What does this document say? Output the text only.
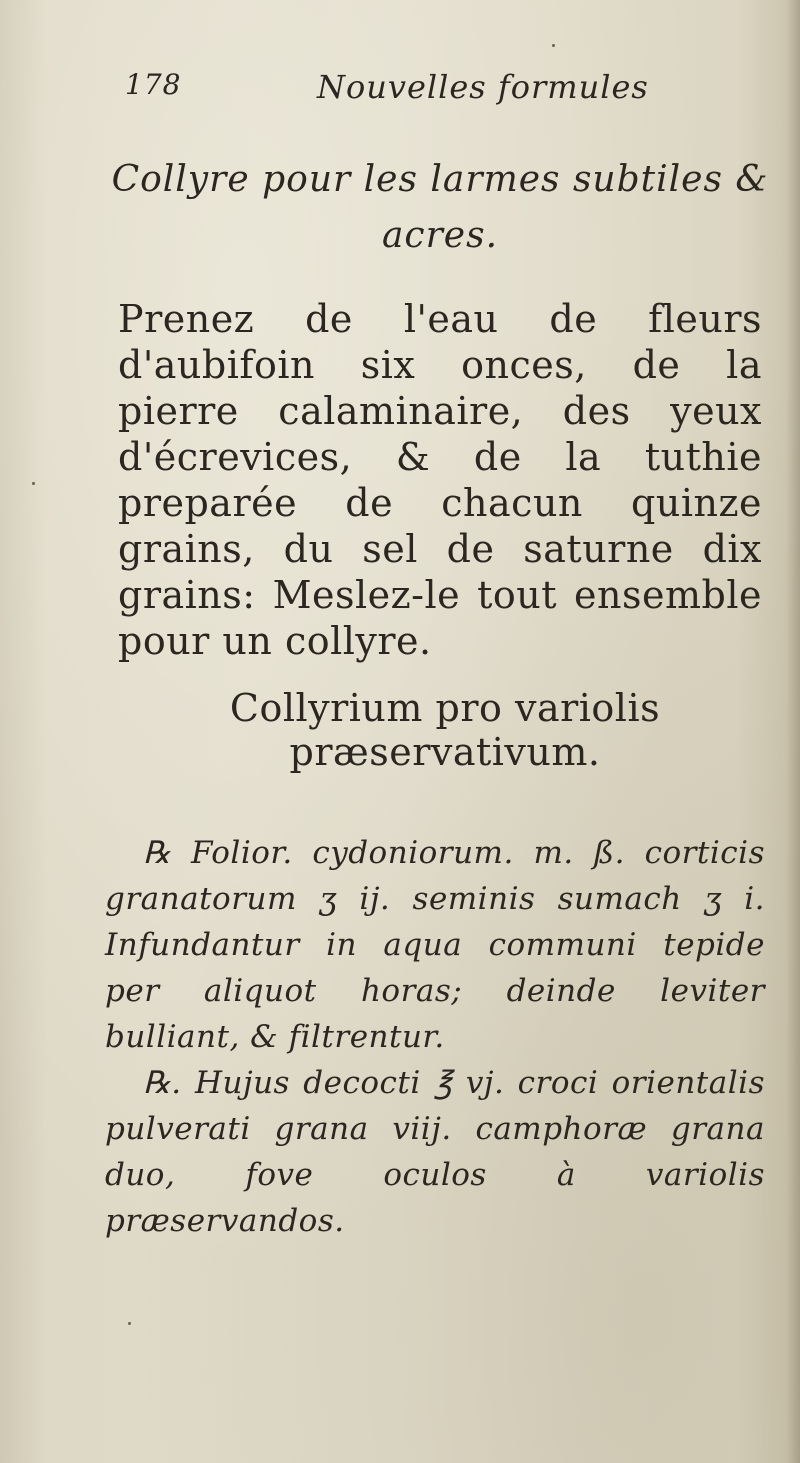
178	Nouvelles formules
Collyre pour les larmes subtiles & acres.
Prenez de l'eau de fleurs d'aubifoin six onces, de la pierre calaminaire, des yeux d'écrevices, & de la tuthie preparée de chacun quinze grains, du sel de saturne dix grains: Meslez-le tout ensemble pour un collyre.
Collyrium pro variolis præservativum.
℞ Folior. cydoniorum. m. ß. corticis granatorum ʒ ij. seminis sumach ʒ i. Infundantur in aqua communi tepide per aliquot horas; deinde leviter bulliant, & filtrentur.
℞. Hujus decocti ℥ vj. croci orientalis pulverati grana viij. camphoræ grana duo, fove oculos à variolis præservandos.
